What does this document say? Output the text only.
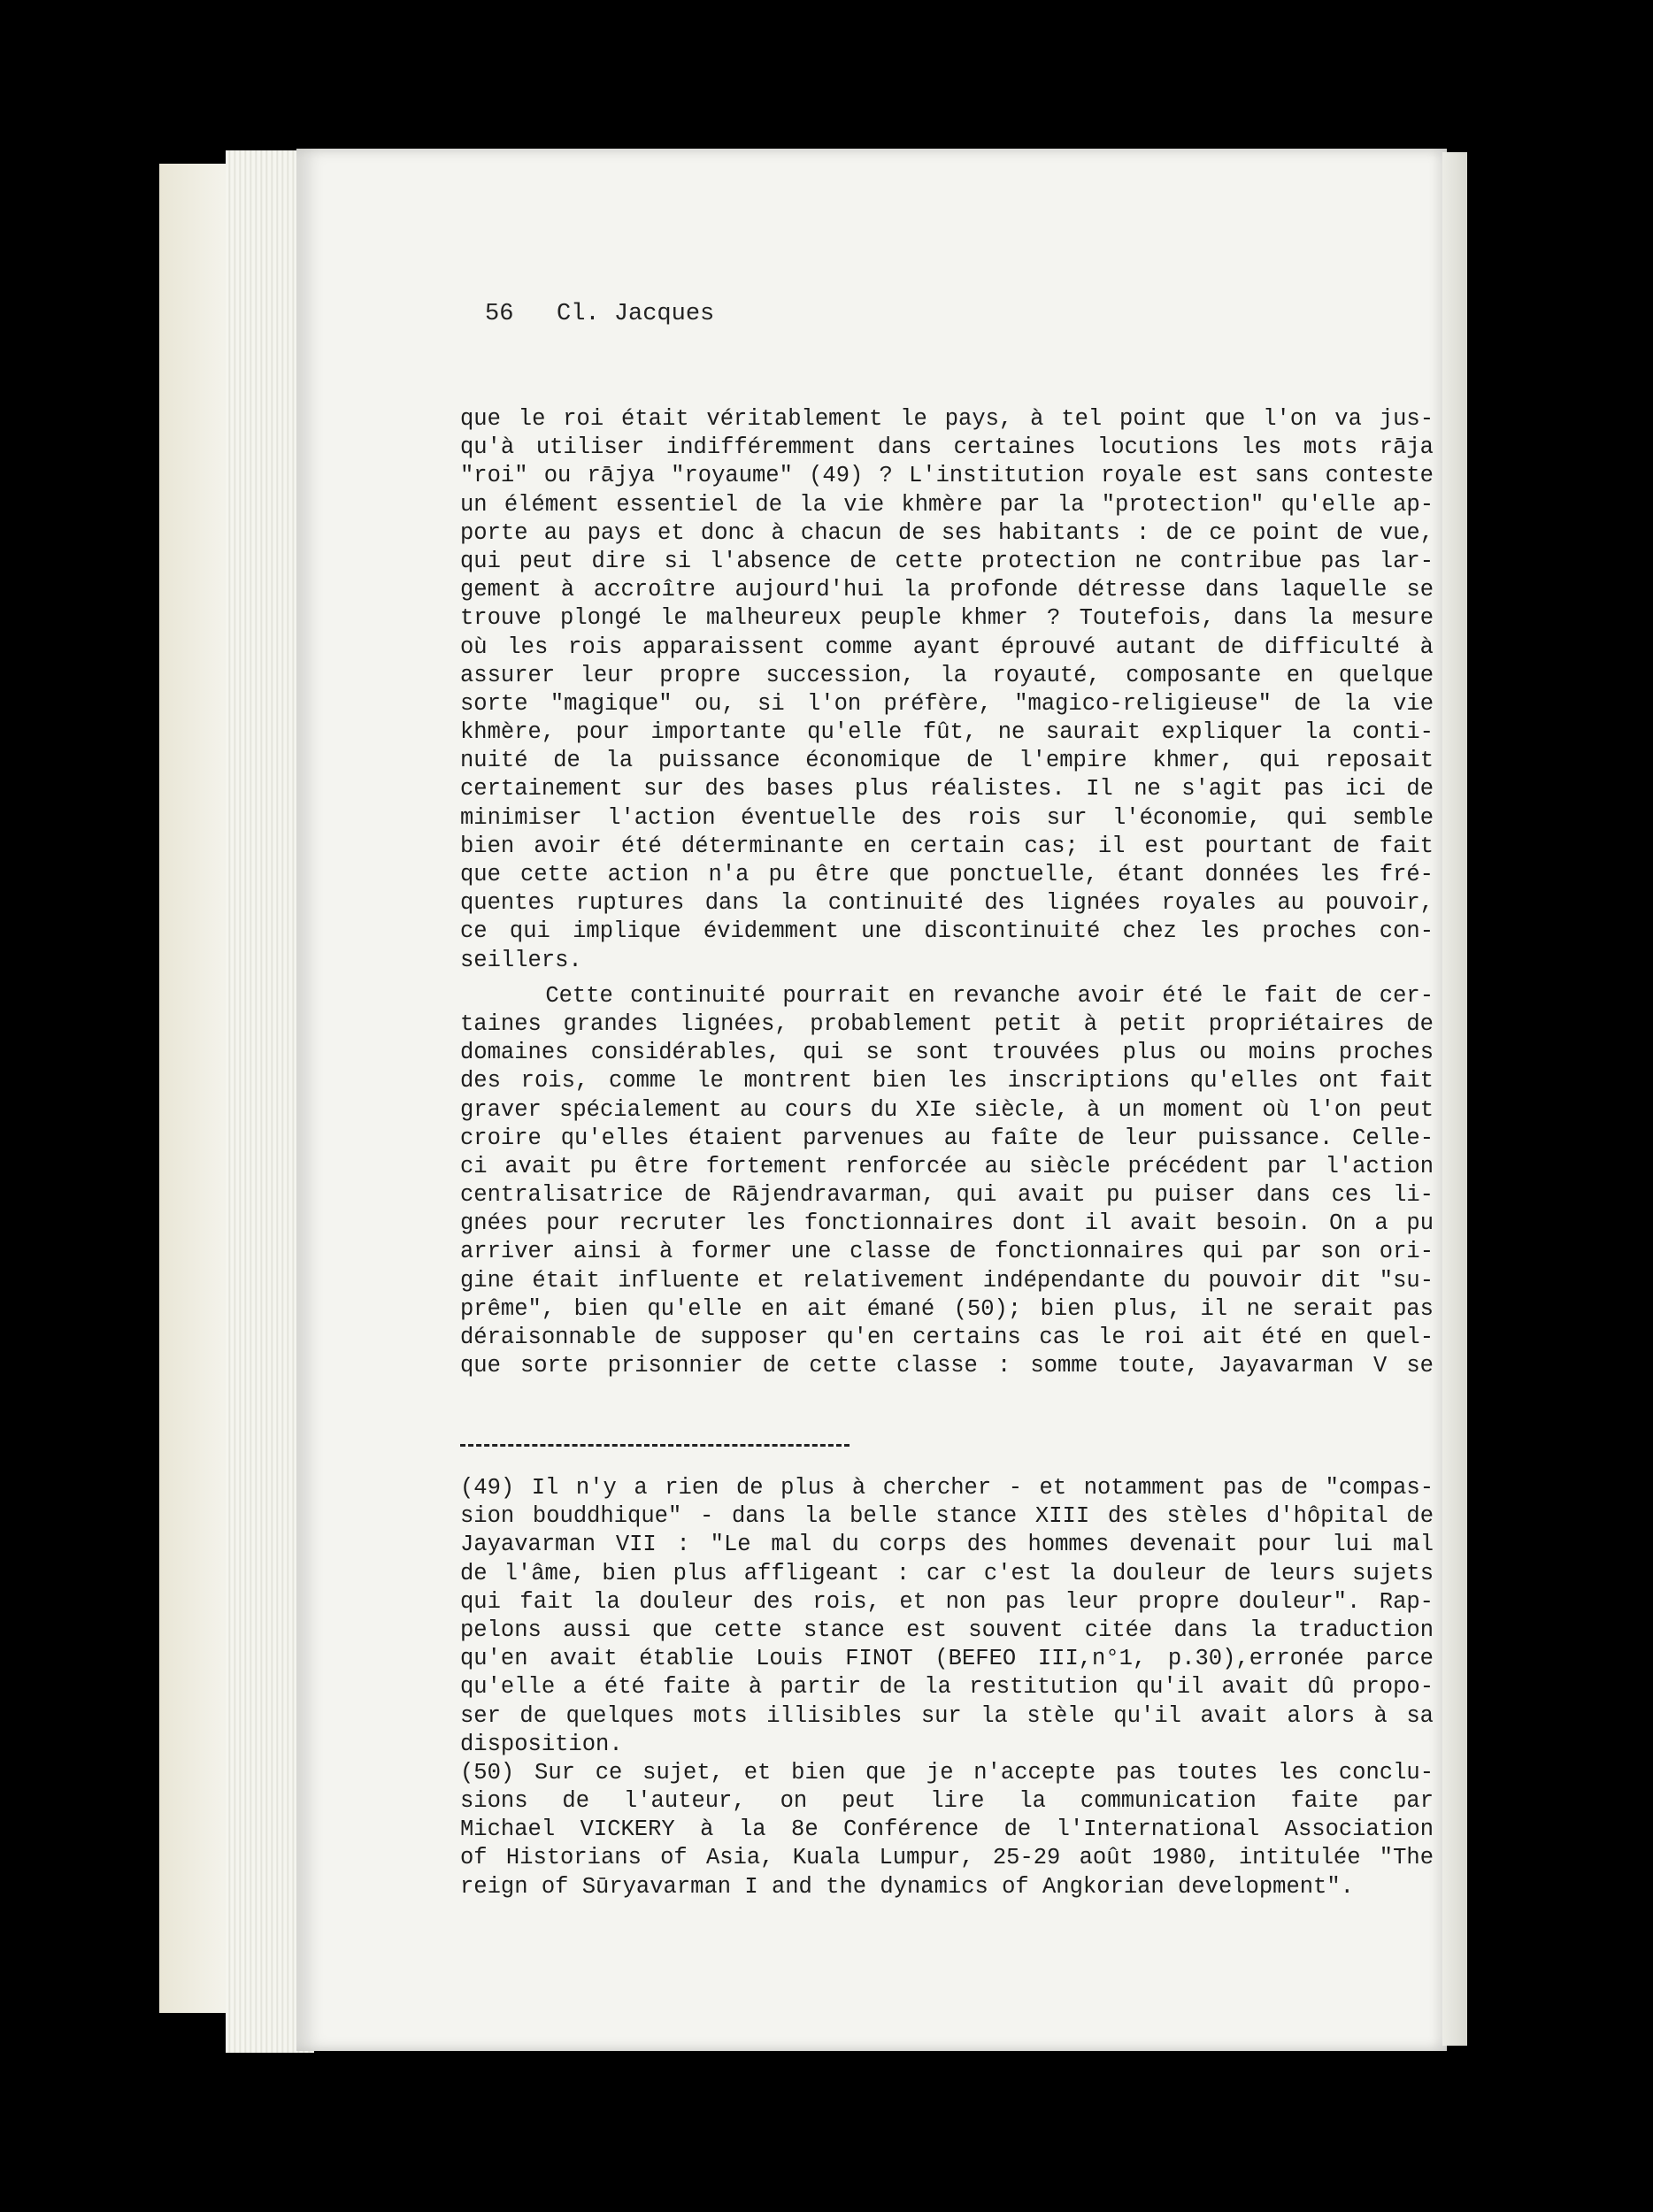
56 Cl. Jacques
que le roi était véritablement le pays, à tel point que l'on va jus-
qu'à utiliser indifféremment dans certaines locutions les mots rāja
"roi" ou rājya "royaume" (49) ? L'institution royale est sans conteste
un élément essentiel de la vie khmère par la "protection" qu'elle ap-
porte au pays et donc à chacun de ses habitants : de ce point de vue,
qui peut dire si l'absence de cette protection ne contribue pas lar-
gement à accroître aujourd'hui la profonde détresse dans laquelle se
trouve plongé le malheureux peuple khmer ? Toutefois, dans la mesure
où les rois apparaissent comme ayant éprouvé autant de difficulté à
assurer leur propre succession, la royauté, composante en quelque
sorte "magique" ou, si l'on préfère, "magico-religieuse" de la vie
khmère, pour importante qu'elle fût, ne saurait expliquer la conti-
nuité de la puissance économique de l'empire khmer, qui reposait
certainement sur des bases plus réalistes. Il ne s'agit pas ici de
minimiser l'action éventuelle des rois sur l'économie, qui semble
bien avoir été déterminante en certain cas; il est pourtant de fait
que cette action n'a pu être que ponctuelle, étant données les fré-
quentes ruptures dans la continuité des lignées royales au pouvoir,
ce qui implique évidemment une discontinuité chez les proches con-
seillers.
Cette continuité pourrait en revanche avoir été le fait de cer-
taines grandes lignées, probablement petit à petit propriétaires de
domaines considérables, qui se sont trouvées plus ou moins proches
des rois, comme le montrent bien les inscriptions qu'elles ont fait
graver spécialement au cours du XIe siècle, à un moment où l'on peut
croire qu'elles étaient parvenues au faîte de leur puissance. Celle-
ci avait pu être fortement renforcée au siècle précédent par l'action
centralisatrice de Rājendravarman, qui avait pu puiser dans ces li-
gnées pour recruter les fonctionnaires dont il avait besoin. On a pu
arriver ainsi à former une classe de fonctionnaires qui par son ori-
gine était influente et relativement indépendante du pouvoir dit "su-
prême", bien qu'elle en ait émané (50); bien plus, il ne serait pas
déraisonnable de supposer qu'en certains cas le roi ait été en quel-
que sorte prisonnier de cette classe : somme toute, Jayavarman V se
(49) Il n'y a rien de plus à chercher - et notamment pas de "compas-
sion bouddhique" - dans la belle stance XIII des stèles d'hôpital de
Jayavarman VII : "Le mal du corps des hommes devenait pour lui mal
de l'âme, bien plus affligeant : car c'est la douleur de leurs sujets
qui fait la douleur des rois, et non pas leur propre douleur". Rap-
pelons aussi que cette stance est souvent citée dans la traduction
qu'en avait établie Louis FINOT (BEFEO III,n°1, p.30),erronée parce
qu'elle a été faite à partir de la restitution qu'il avait dû propo-
ser de quelques mots illisibles sur la stèle qu'il avait alors à sa
disposition.
(50) Sur ce sujet, et bien que je n'accepte pas toutes les conclu-
sions de l'auteur, on peut lire la communication faite par
Michael VICKERY à la 8e Conférence de l'International Association
of Historians of Asia, Kuala Lumpur, 25-29 août 1980, intitulée "The
reign of Sūryavarman I and the dynamics of Angkorian development".
